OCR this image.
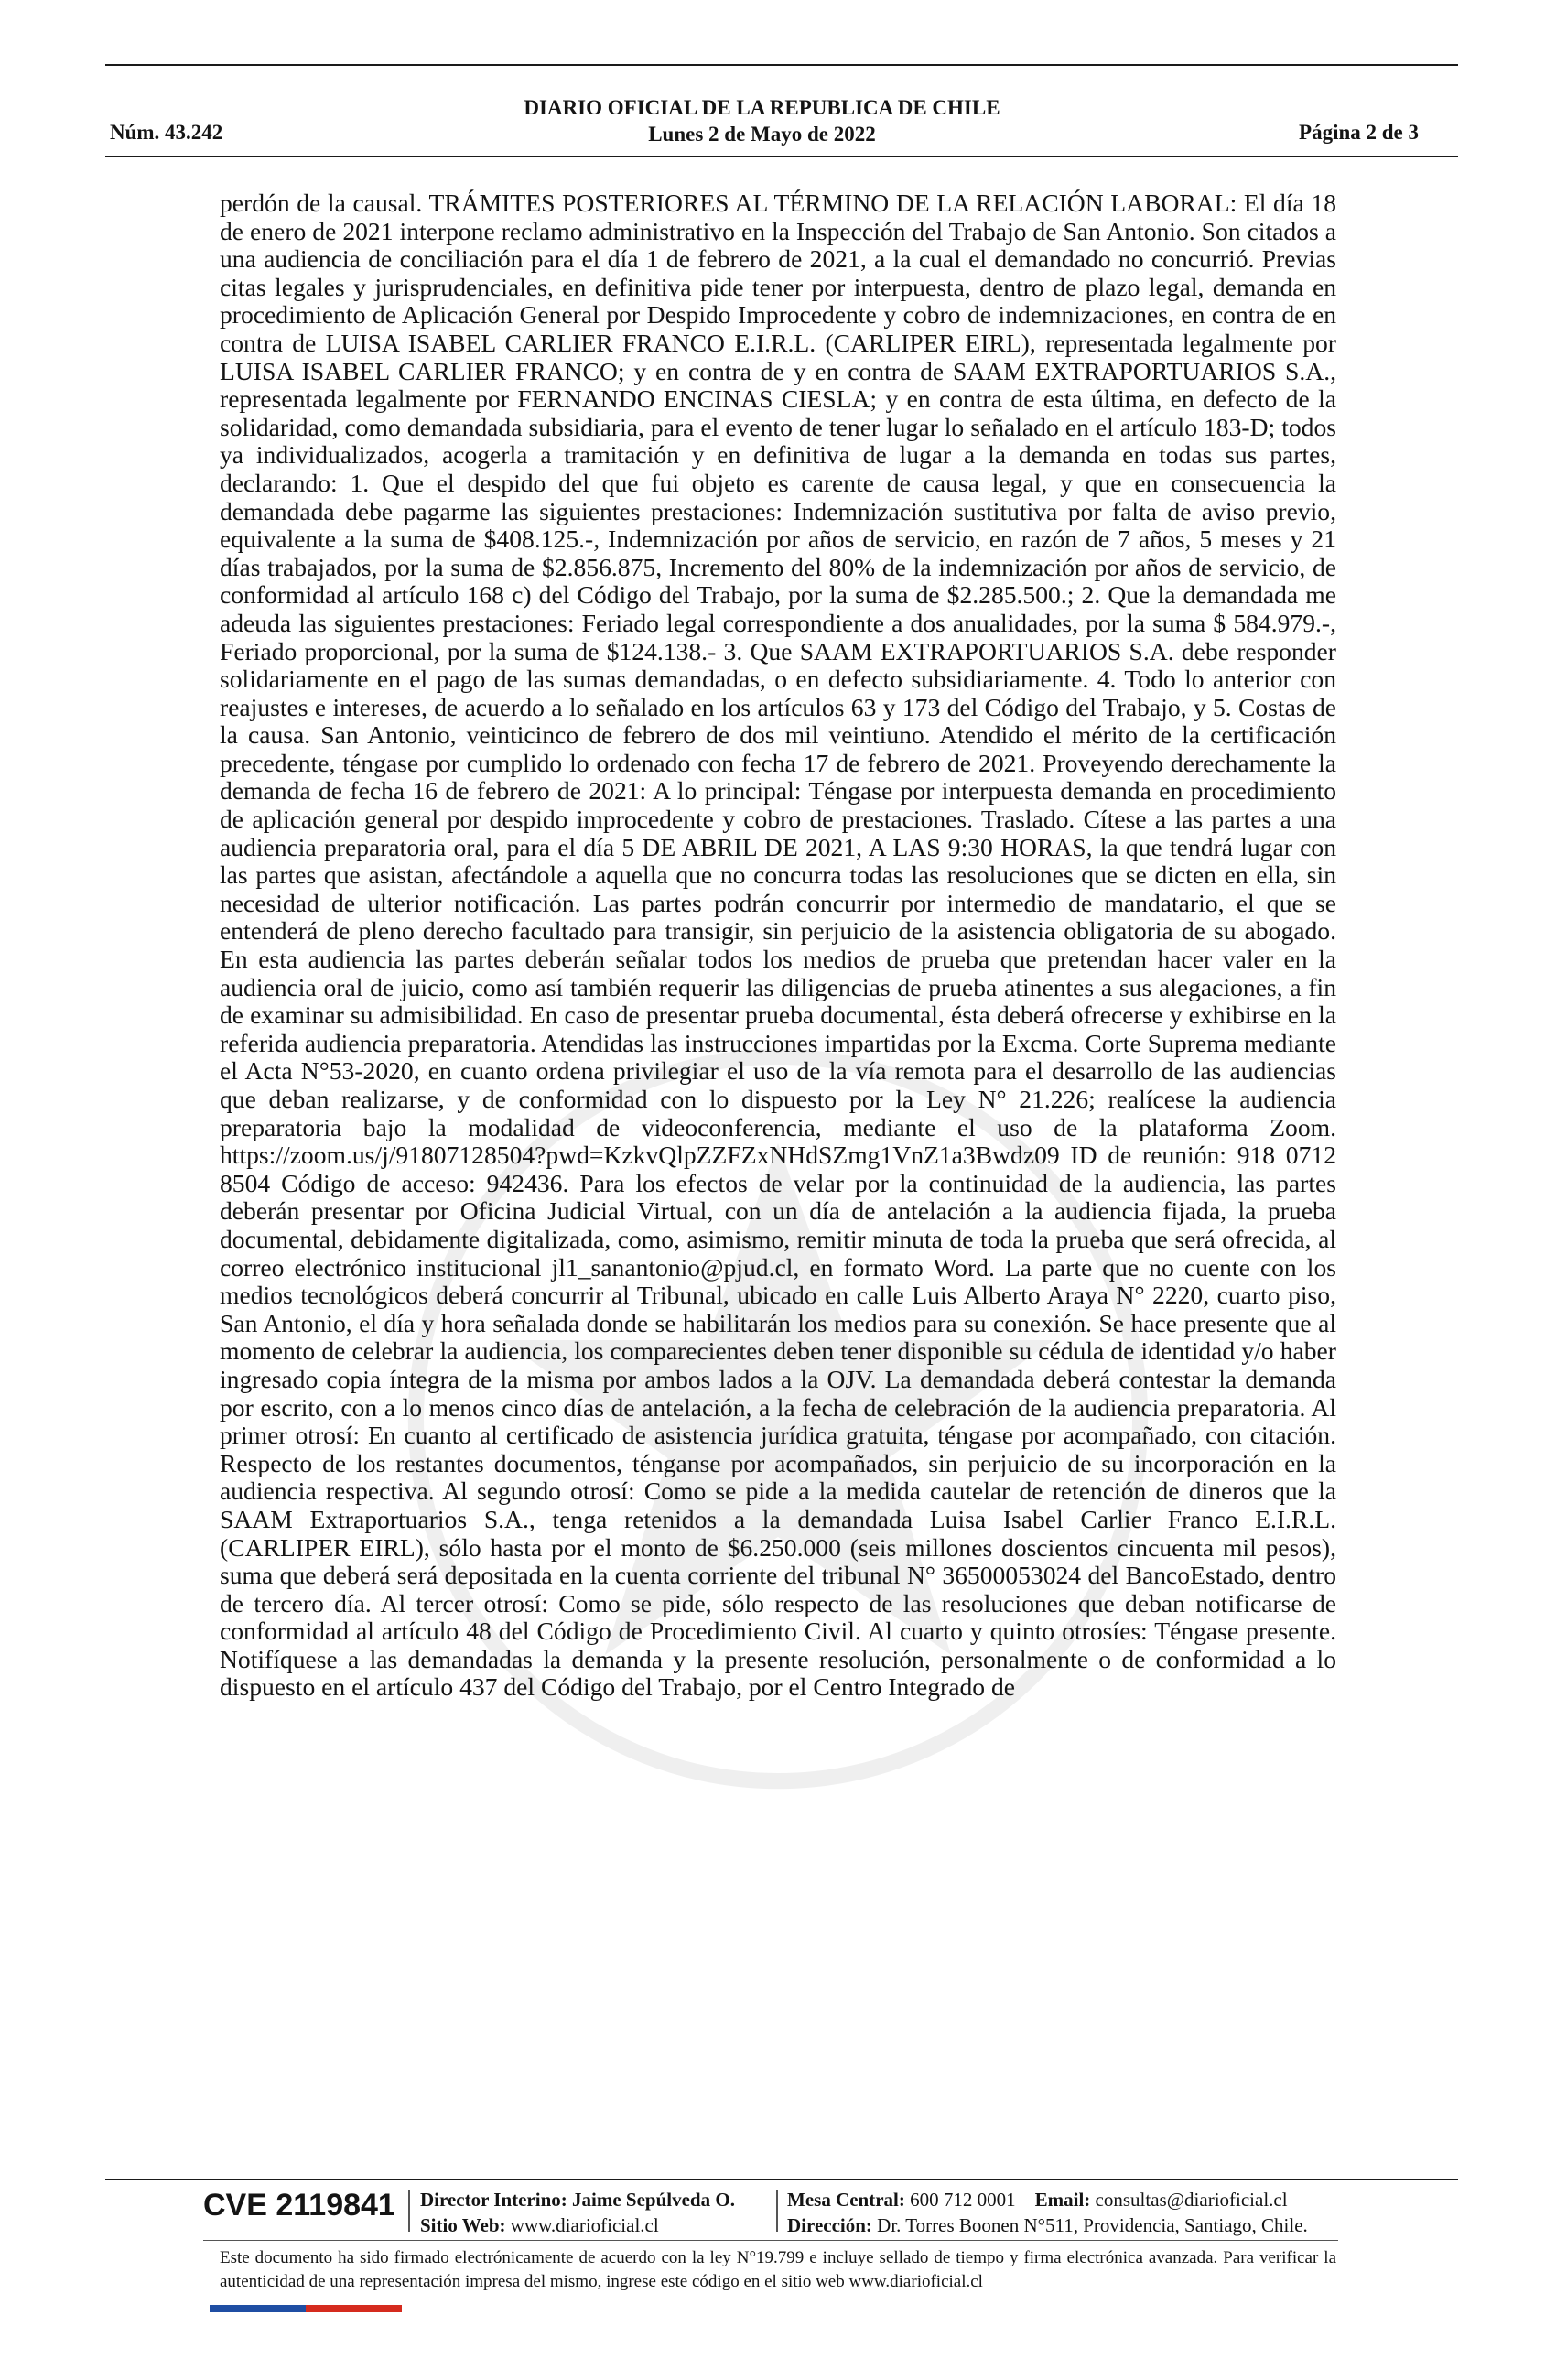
Núm. 43.242
DIARIO OFICIAL DE LA REPUBLICA DE CHILE
Lunes 2 de Mayo de 2022	Página 2 de 3

perdón de la causal. TRÁMITES POSTERIORES AL TÉRMINO DE LA RELACIÓN LABORAL: El día 18 de enero de 2021 interpone reclamo administrativo en la Inspección del Trabajo de San Antonio. Son citados a una audiencia de conciliación para el día 1 de febrero de 2021, a la cual el demandado no concurrió. Previas citas legales y jurisprudenciales, en definitiva pide tener por interpuesta, dentro de plazo legal, demanda en procedimiento de Aplicación General por Despido Improcedente y cobro de indemnizaciones, en contra de en contra de LUISA ISABEL CARLIER FRANCO E.I.R.L. (CARLIPER EIRL), representada legalmente por LUISA ISABEL CARLIER FRANCO; y en contra de y en contra de SAAM EXTRAPORTUARIOS S.A., representada legalmente por FERNANDO ENCINAS CIESLA; y en contra de esta última, en defecto de la solidaridad, como demandada subsidiaria, para el evento de tener lugar lo señalado en el artículo 183-D; todos ya individualizados, acogerla a tramitación y en definitiva de lugar a la demanda en todas sus partes, declarando: 1. Que el despido del que fui objeto es carente de causa legal, y que en consecuencia la demandada debe pagarme las siguientes prestaciones: Indemnización sustitutiva por falta de aviso previo, equivalente a la suma de $408.125.-, Indemnización por años de servicio, en razón de 7 años, 5 meses y 21 días trabajados, por la suma de $2.856.875, Incremento del 80% de la indemnización por años de servicio, de conformidad al artículo 168 c) del Código del Trabajo, por la suma de $2.285.500.; 2. Que la demandada me adeuda las siguientes prestaciones: Feriado legal correspondiente a dos anualidades, por la suma $ 584.979.-, Feriado proporcional, por la suma de $124.138.- 3. Que SAAM EXTRAPORTUARIOS S.A. debe responder solidariamente en el pago de las sumas demandadas, o en defecto subsidiariamente. 4. Todo lo anterior con reajustes e intereses, de acuerdo a lo señalado en los artículos 63 y 173 del Código del Trabajo, y 5. Costas de la causa. San Antonio, veinticinco de febrero de dos mil veintiuno. Atendido el mérito de la certificación precedente, téngase por cumplido lo ordenado con fecha 17 de febrero de 2021. Proveyendo derechamente la demanda de fecha 16 de febrero de 2021: A lo principal: Téngase por interpuesta demanda en procedimiento de aplicación general por despido improcedente y cobro de prestaciones. Traslado. Cítese a las partes a una audiencia preparatoria oral, para el día 5 DE ABRIL DE 2021, A LAS 9:30 HORAS, la que tendrá lugar con las partes que asistan, afectándole a aquella que no concurra todas las resoluciones que se dicten en ella, sin necesidad de ulterior notificación. Las partes podrán concurrir por intermedio de mandatario, el que se entenderá de pleno derecho facultado para transigir, sin perjuicio de la asistencia obligatoria de su abogado. En esta audiencia las partes deberán señalar todos los medios de prueba que pretendan hacer valer en la audiencia oral de juicio, como así también requerir las diligencias de prueba atinentes a sus alegaciones, a fin de examinar su admisibilidad. En caso de presentar prueba documental, ésta deberá ofrecerse y exhibirse en la referida audiencia preparatoria. Atendidas las instrucciones impartidas por la Excma. Corte Suprema mediante el Acta N°53-2020, en cuanto ordena privilegiar el uso de la vía remota para el desarrollo de las audiencias que deban realizarse, y de conformidad con lo dispuesto por la Ley N° 21.226; realícese la audiencia preparatoria bajo la modalidad de videoconferencia, mediante el uso de la plataforma Zoom. https://zoom.us/j/91807128504?pwd=KzkvQlpZZFZxNHdSZmg1VnZ1a3Bwdz09 ID de reunión: 918 0712 8504 Código de acceso: 942436. Para los efectos de velar por la continuidad de la audiencia, las partes deberán presentar por Oficina Judicial Virtual, con un día de antelación a la audiencia fijada, la prueba documental, debidamente digitalizada, como, asimismo, remitir minuta de toda la prueba que será ofrecida, al correo electrónico institucional jl1_sanantonio@pjud.cl, en formato Word. La parte que no cuente con los medios tecnológicos deberá concurrir al Tribunal, ubicado en calle Luis Alberto Araya N° 2220, cuarto piso, San Antonio, el día y hora señalada donde se habilitarán los medios para su conexión. Se hace presente que al momento de celebrar la audiencia, los comparecientes deben tener disponible su cédula de identidad y/o haber ingresado copia íntegra de la misma por ambos lados a la OJV. La demandada deberá contestar la demanda por escrito, con a lo menos cinco días de antelación, a la fecha de celebración de la audiencia preparatoria. Al primer otrosí: En cuanto al certificado de asistencia jurídica gratuita, téngase por acompañado, con citación. Respecto de los restantes documentos, ténganse por acompañados, sin perjuicio de su incorporación en la audiencia respectiva. Al segundo otrosí: Como se pide a la medida cautelar de retención de dineros que la SAAM Extraportuarios S.A., tenga retenidos a la demandada Luisa Isabel Carlier Franco E.I.R.L. (CARLIPER EIRL), sólo hasta por el monto de $6.250.000 (seis millones doscientos cincuenta mil pesos), suma que deberá será depositada en la cuenta corriente del tribunal N° 36500053024 del BancoEstado, dentro de tercero día. Al tercer otrosí: Como se pide, sólo respecto de las resoluciones que deban notificarse de conformidad al artículo 48 del Código de Procedimiento Civil. Al cuarto y quinto otrosíes: Téngase presente. Notifíquese a las demandadas la demanda y la presente resolución, personalmente o de conformidad a lo dispuesto en el artículo 437 del Código del Trabajo, por el Centro Integrado de

CVE 2119841 Director Interino: Jaime Sepúlveda O.
Sitio Web: www.diarioficial.cl
Mesa Central: 600 712 0001 Email: consultas@diarioficial.cl
Dirección: Dr. Torres Boonen N°511, Providencia, Santiago, Chile.

Este documento ha sido firmado electrónicamente de acuerdo con la ley N°19.799 e incluye sellado de tiempo y firma electrónica avanzada. Para verificar la autenticidad de una representación impresa del mismo, ingrese este código en el sitio web www.diarioficial.cl
